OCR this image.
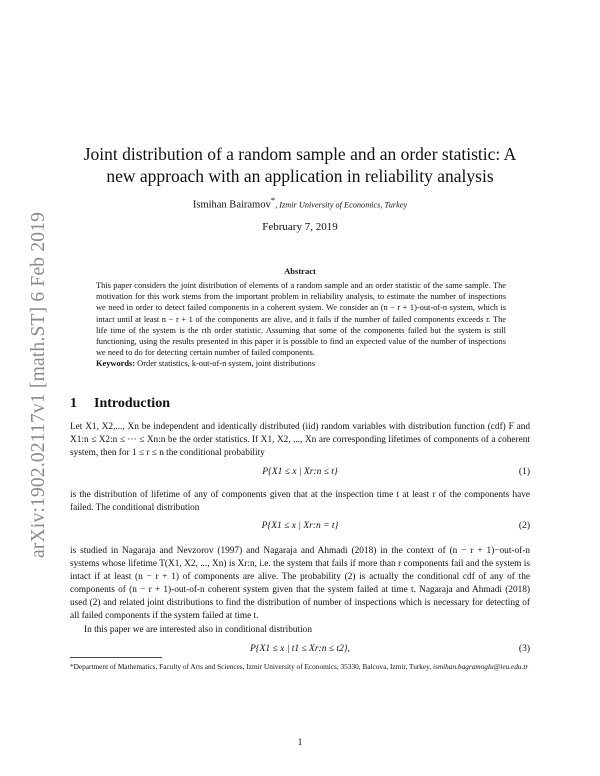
arXiv:1902.02117v1 [math.ST] 6 Feb 2019
Joint distribution of a random sample and an order statistic: A new approach with an application in reliability analysis
Ismihan Bairamov*, Izmir University of Economics, Turkey
February 7, 2019
Abstract
This paper considers the joint distribution of elements of a random sample and an order statistic of the same sample. The motivation for this work stems from the important problem in reliability analysis, to estimate the number of inspections we need in order to detect failed components in a coherent system. We consider an (n − r + 1)-out-of-n system, which is intact until at least n − r + 1 of the components are alive, and it fails if the number of failed components exceeds r. The life time of the system is the rth order statistic. Assuming that some of the components failed but the system is still functioning, using the results presented in this paper it is possible to find an expected value of the number of inspections we need to do for detecting certain number of failed components.
Keywords: Order statistics, k-out-of-n system, joint distributions
1 Introduction
Let X1, X2,..., Xn be independent and identically distributed (iid) random variables with distribution function (cdf) F and X1:n ≤ X2:n ≤ ··· ≤ Xn:n be the order statistics. If X1, X2, ..., Xn are corresponding lifetimes of components of a coherent system, then for 1 ≤ r ≤ n the conditional probability
P{X1 ≤ x | Xr:n ≤ t}	(1)
is the distribution of lifetime of any of components given that at the inspection time t at least r of the components have failed. The conditional distribution
P{X1 ≤ x | Xr:n = t}	(2)
is studied in Nagaraja and Nevzorov (1997) and Nagaraja and Ahmadi (2018) in the context of (n − r + 1)−out-of-n systems whose lifetime T(X1, X2, ..., Xn) is Xr:n, i.e. the system that fails if more than r components fail and the system is intact if at least (n − r + 1) of components are alive. The probability (2) is actually the conditional cdf of any of the components of (n − r + 1)-out-of-n coherent system given that the system failed at time t. Nagaraja and Ahmadi (2018) used (2) and related joint distributions to find the distribution of number of inspections which is necessary for detecting of all failed components if the system failed at time t.
In this paper we are interested also in conditional distribution
P{X1 ≤ x | t1 ≤ Xr:n ≤ t2},	(3)
*Department of Mathematics, Faculty of Arts and Sciences, Izmir University of Economics, 35330, Balcova, Izmir, Turkey, ismihan.bagramoglu@ieu.edu.tr
1
